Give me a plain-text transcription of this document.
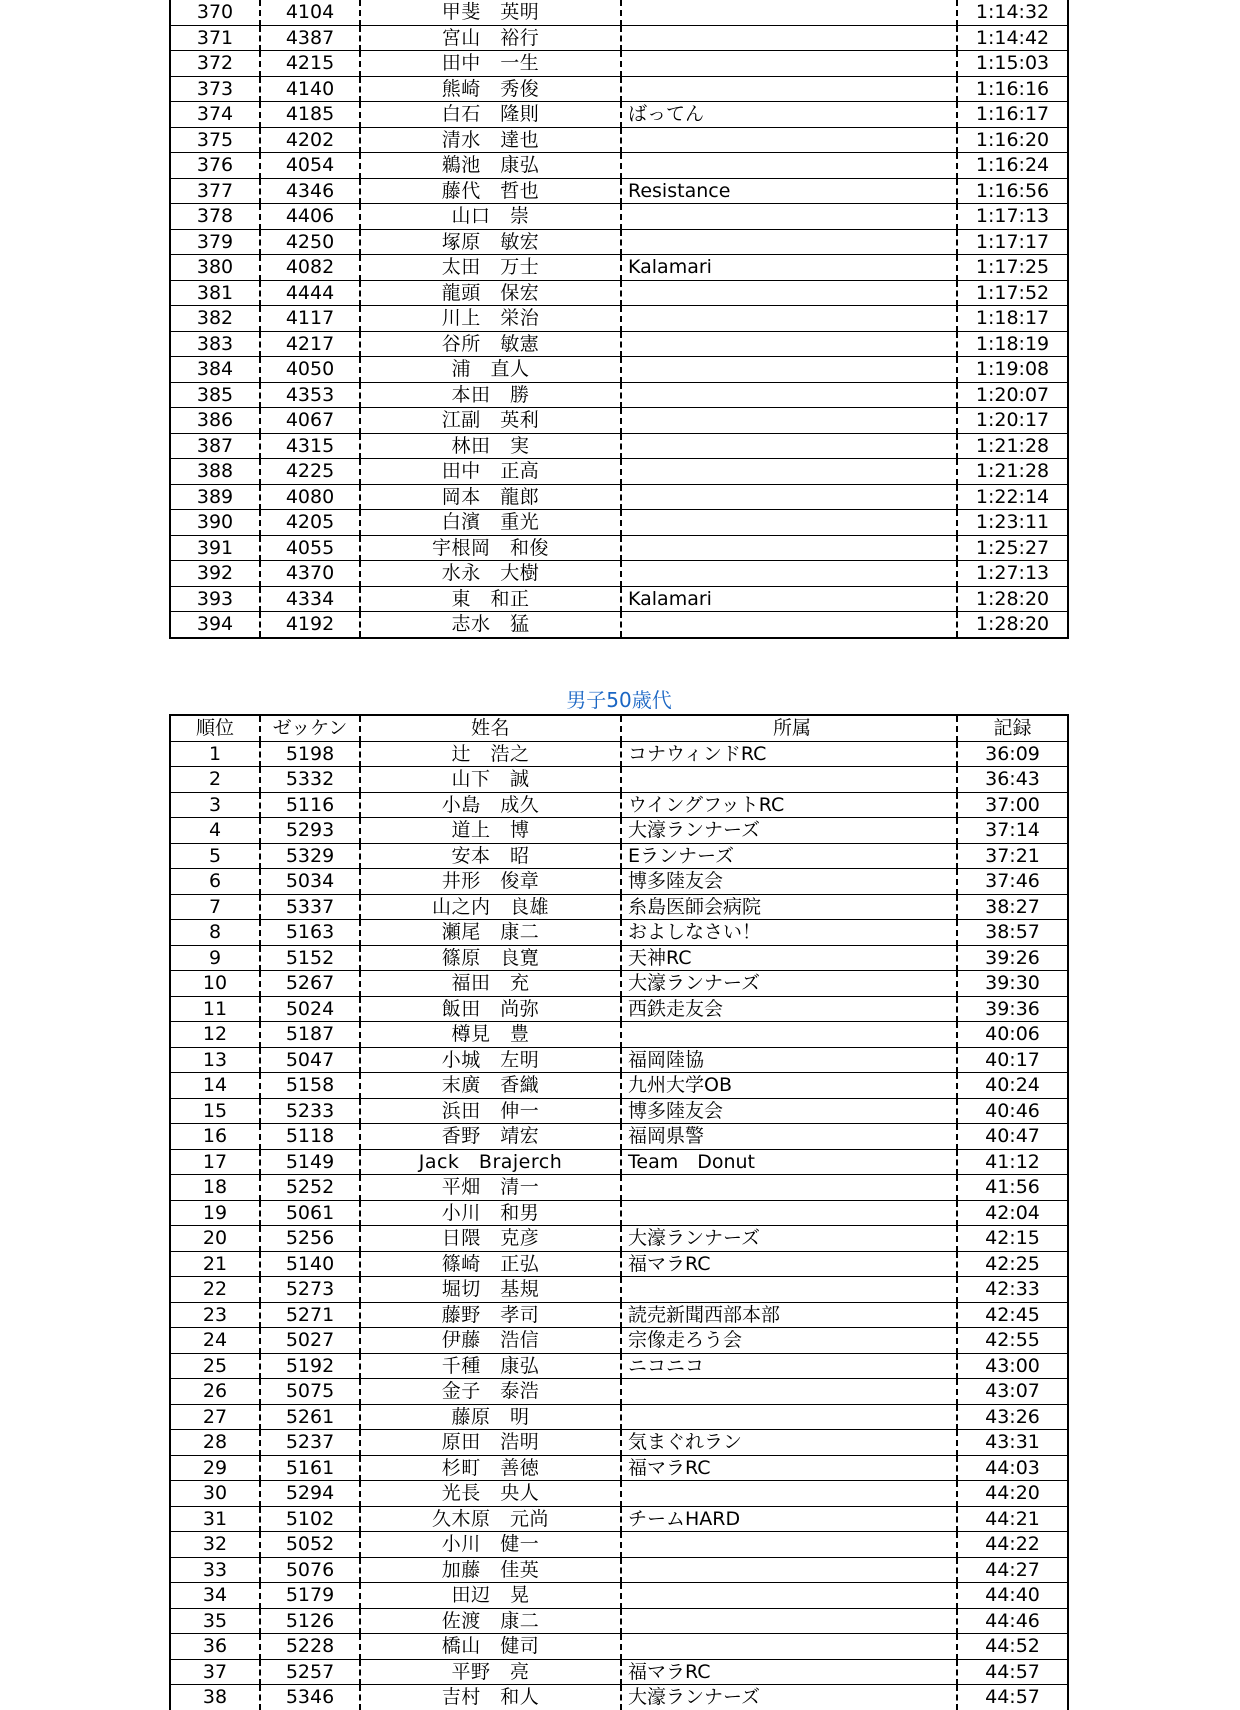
370	4104	甲斐　英明		1:14:32
371	4387	宮山　裕行		1:14:42
372	4215	田中　一生		1:15:03
373	4140	熊崎　秀俊		1:16:16
374	4185	白石　隆則	ばってん	1:16:17
375	4202	清水　達也		1:16:20
376	4054	鵜池　康弘		1:16:24
377	4346	藤代　哲也	Resistance	1:16:56
378	4406	山口　崇		1:17:13
379	4250	塚原　敏宏		1:17:17
380	4082	太田　万士	Kalamari	1:17:25
381	4444	龍頭　保宏		1:17:52
382	4117	川上　栄治		1:18:17
383	4217	谷所　敏憲		1:18:19
384	4050	浦　直人		1:19:08
385	4353	本田　勝		1:20:07
386	4067	江副　英利		1:20:17
387	4315	林田　実		1:21:28
388	4225	田中　正高		1:21:28
389	4080	岡本　龍郎		1:22:14
390	4205	白濱　重光		1:23:11
391	4055	宇根岡　和俊		1:25:27
392	4370	水永　大樹		1:27:13
393	4334	東　和正	Kalamari	1:28:20
394	4192	志水　猛		1:28:20
男子50歳代
順位	ゼッケン	姓名	所属	記録
1	5198	辻　浩之	コナウィンドRC	36:09
2	5332	山下　誠		36:43
3	5116	小島　成久	ウイングフットRC	37:00
4	5293	道上　博	大濠ランナーズ	37:14
5	5329	安本　昭	Eランナーズ	37:21
6	5034	井形　俊章	博多陸友会	37:46
7	5337	山之内　良雄	糸島医師会病院	38:27
8	5163	瀬尾　康二	およしなさい！	38:57
9	5152	篠原　良寛	天神RC	39:26
10	5267	福田　充	大濠ランナーズ	39:30
11	5024	飯田　尚弥	西鉄走友会	39:36
12	5187	樽見　豊		40:06
13	5047	小城　左明	福岡陸協	40:17
14	5158	末廣　香織	九州大学OB	40:24
15	5233	浜田　伸一	博多陸友会	40:46
16	5118	香野　靖宏	福岡県警	40:47
17	5149	Jack　Brajerch	Team　Donut	41:12
18	5252	平畑　清一		41:56
19	5061	小川　和男		42:04
20	5256	日隈　克彦	大濠ランナーズ	42:15
21	5140	篠崎　正弘	福マラRC	42:25
22	5273	堀切　基規		42:33
23	5271	藤野　孝司	読売新聞西部本部	42:45
24	5027	伊藤　浩信	宗像走ろう会	42:55
25	5192	千種　康弘	ニコニコ	43:00
26	5075	金子　泰浩		43:07
27	5261	藤原　明		43:26
28	5237	原田　浩明	気まぐれラン	43:31
29	5161	杉町　善徳	福マラRC	44:03
30	5294	光長　央人		44:20
31	5102	久木原　元尚	チームHARD	44:21
32	5052	小川　健一		44:22
33	5076	加藤　佳英		44:27
34	5179	田辺　晃		44:40
35	5126	佐渡　康二		44:46
36	5228	橋山　健司		44:52
37	5257	平野　亮	福マラRC	44:57
38	5346	吉村　和人	大濠ランナーズ	44:57
